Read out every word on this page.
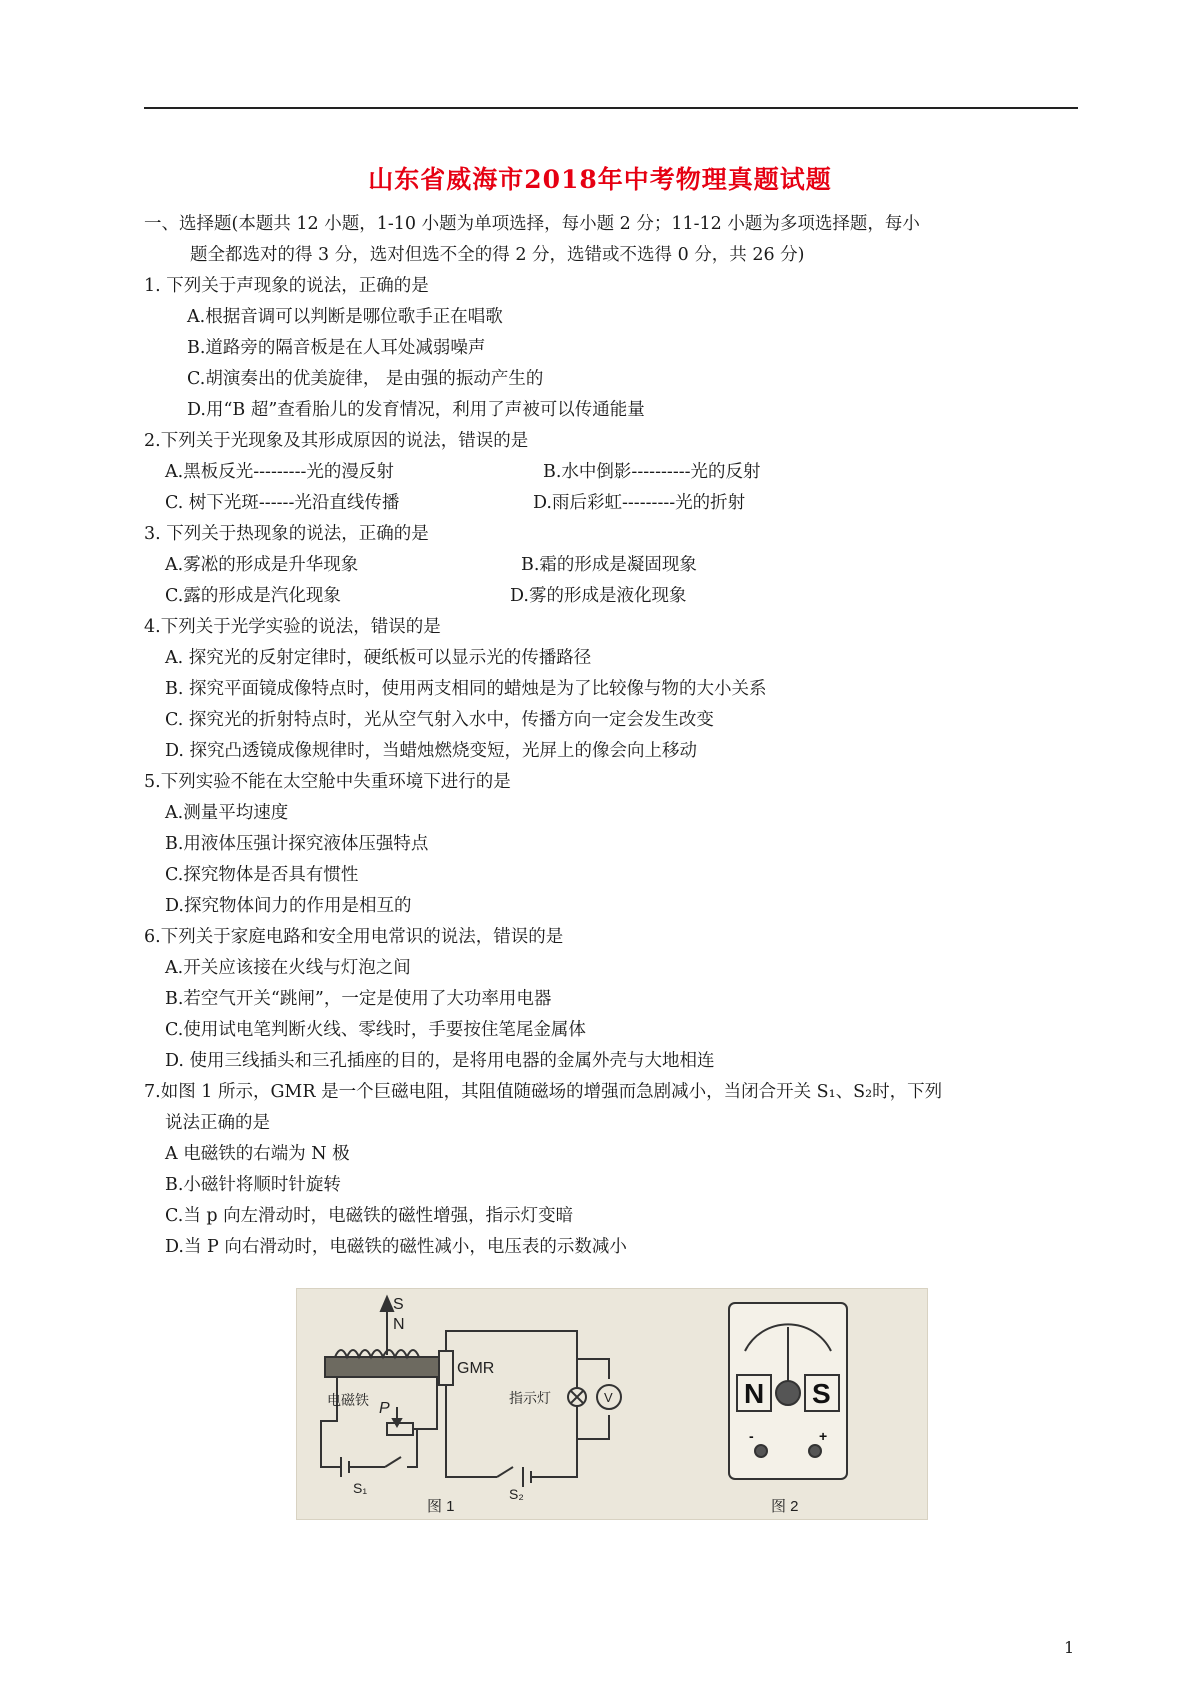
山东省威海市2018年中考物理真题试题
一、选择题(本题共 12 小题，1-10 小题为单项选择，每小题 2 分；11-12 小题为多项选择题，每小
题全都选对的得 3 分，选对但选不全的得 2 分，选错或不选得 0 分，共 26 分)
1. 下列关于声现象的说法，正确的是
A.根据音调可以判断是哪位歌手正在唱歌
B.道路旁的隔音板是在人耳处减弱噪声
C.胡演奏出的优美旋律， 是由强的振动产生的
D.用“B 超”查看胎儿的发育情况，利用了声被可以传通能量
2.下列关于光现象及其形成原因的说法，错误的是
A.黑板反光---------光的漫反射	B.水中倒影----------光的反射
C. 树下光斑------光沿直线传播	D.雨后彩虹---------光的折射
3. 下列关于热现象的说法，正确的是
A.雾凇的形成是升华现象	B.霜的形成是凝固现象
C.露的形成是汽化现象	D.雾的形成是液化现象
4.下列关于光学实验的说法，错误的是
A. 探究光的反射定律时，硬纸板可以显示光的传播路径
B. 探究平面镜成像特点时，使用两支相同的蜡烛是为了比较像与物的大小关系
C. 探究光的折射特点时，光从空气射入水中，传播方向一定会发生改变
D. 探究凸透镜成像规律时，当蜡烛燃烧变短，光屏上的像会向上移动
5.下列实验不能在太空舱中失重环境下进行的是
A.测量平均速度
B.用液体压强计探究液体压强特点
C.探究物体是否具有惯性
D.探究物体间力的作用是相互的
6.下列关于家庭电路和安全用电常识的说法，错误的是
A.开关应该接在火线与灯泡之间
B.若空气开关“跳闸”，一定是使用了大功率用电器
C.使用试电笔判断火线、零线时，手要按住笔尾金属体
D. 使用三线插头和三孔插座的目的，是将用电器的金属外壳与大地相连
7.如图 1 所示，GMR 是一个巨磁电阻，其阻值随磁场的增强而急剧减小，当闭合开关 S₁、S₂时，下列
说法正确的是
A 电磁铁的右端为 N 极
B.小磁针将顺时针旋转
C.当 p 向左滑动时，电磁铁的磁性增强，指示灯变暗
D.当 P 向右滑动时，电磁铁的磁性减小，电压表的示数减小
S
N
GMR
电磁铁	指示灯
P
S₁	S₂
V
图 1
N S
-	+
图 2
1
